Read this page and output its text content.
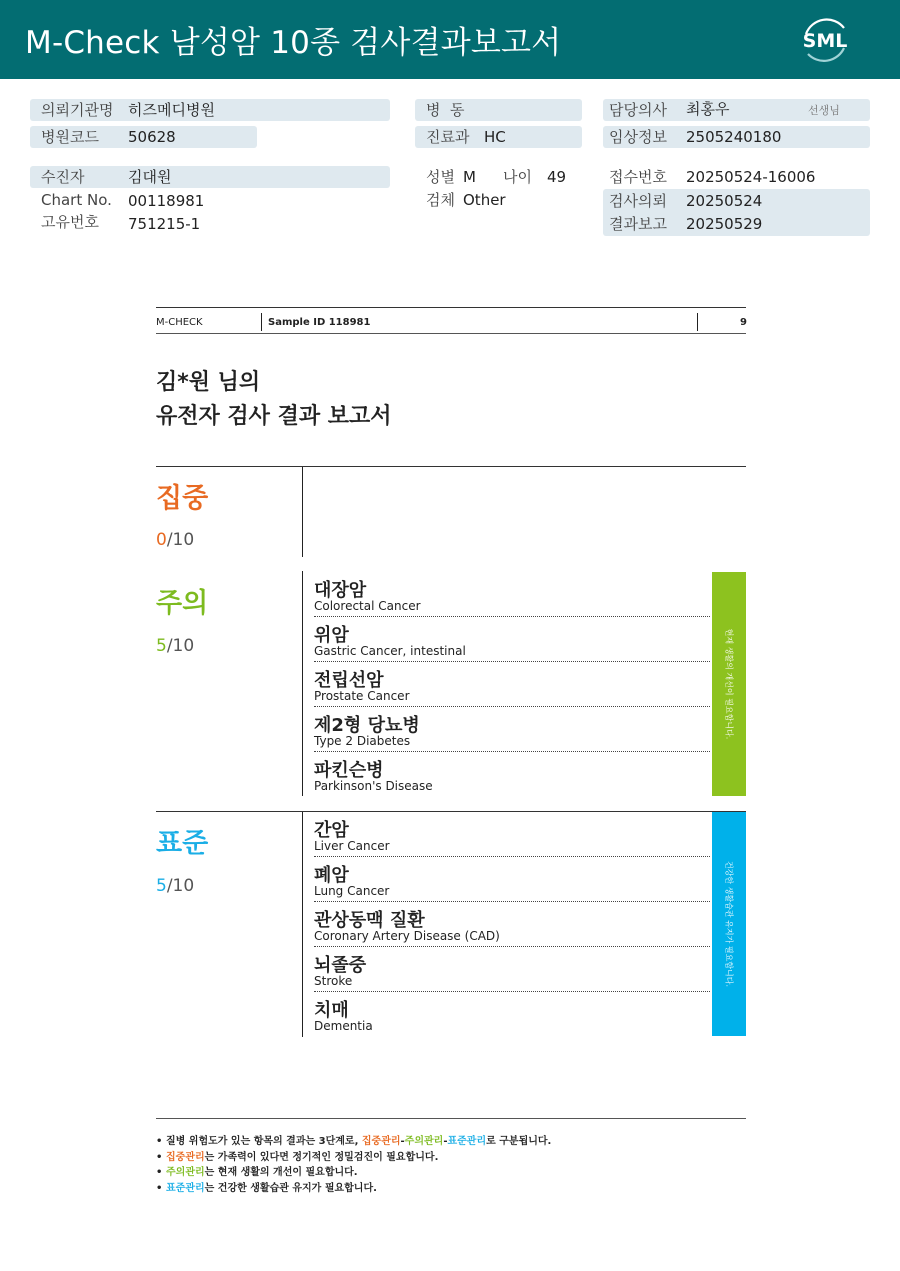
M-Check 남성암 10종 검사결과보고서	SML
의뢰기관명 히즈메디병원
병원코드 50628
수진자	김대원
Chart No. 00118981
고유번호 751215-1
병  동
진료과 HC
성별 M 나이 49
검체 Other
담당의사 최홍우	선생님
임상정보 2505240180
접수번호 20250524-16006
검사의뢰 20250524
결과보고 20250529
M-CHECK	Sample ID 118981	9
김*원 님의
유전자 검사 결과 보고서
집중
0/10
주의
5/10
대장암
Colorectal Cancer
위암
Gastric Cancer, intestinal
전립선암
Prostate Cancer
제2형 당뇨병
Type 2 Diabetes
파킨슨병
Parkinson's Disease
현재 생활의 개선이 필요합니다.
표준
5/10
간암
Liver Cancer
폐암
Lung Cancer
관상동맥 질환
Coronary Artery Disease (CAD)
뇌졸중
Stroke
치매
Dementia
건강한 생활습관 유지가 필요합니다.
• 질병 위험도가 있는 항목의 결과는 3단계로, 집중관리-주의관리-표준관리로 구분됩니다.
• 집중관리는 가족력이 있다면 정기적인 정밀검진이 필요합니다.
• 주의관리는 현재 생활의 개선이 필요합니다.
• 표준관리는 건강한 생활습관 유지가 필요합니다.
